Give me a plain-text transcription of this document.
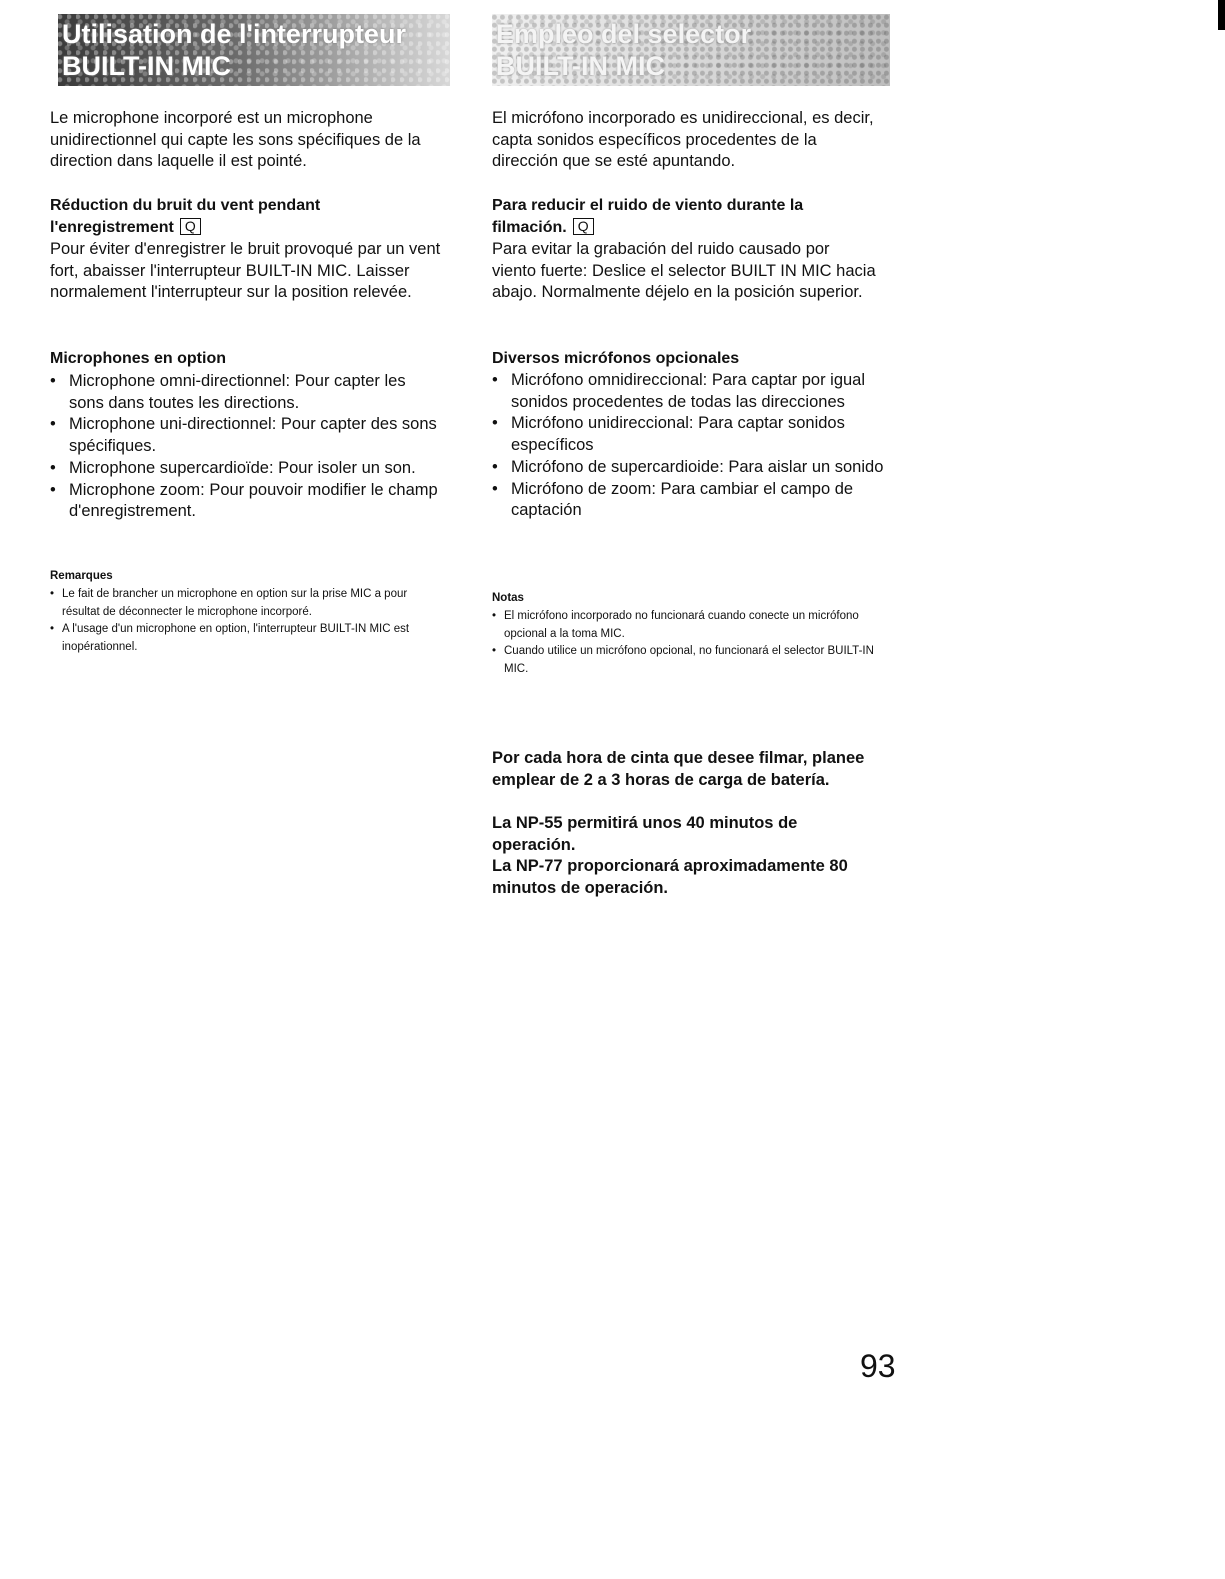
Utilisation de l'interrupteur
BUILT-IN MIC

Le microphone incorporé est un microphone unidirectionnel qui capte les sons spécifiques de la direction dans laquelle il est pointé.

Réduction du bruit du vent pendant l'enregistrement Q

Pour éviter d'enregistrer le bruit provoqué par un vent fort, abaisser l'interrupteur BUILT-IN MIC. Laisser normalement l'interrupteur sur la position relevée.

Microphones en option

• Microphone omni-directionnel: Pour capter les sons dans toutes les directions.
• Microphone uni-directionnel: Pour capter des sons spécifiques.
• Microphone supercardioïde: Pour isoler un son.
• Microphone zoom: Pour pouvoir modifier le champ d'enregistrement.

Remarques

• Le fait de brancher un microphone en option sur la prise MIC a pour résultat de déconnecter le microphone incorporé.
• A l'usage d'un microphone en option, l'interrupteur BUILT-IN MIC est inopérationnel.
Empleo del selector
BUILT-IN MIC

El micrófono incorporado es unidireccional, es decir, capta sonidos específicos procedentes de la dirección que se esté apuntando.

Para reducir el ruido de viento durante la filmación. Q

Para evitar la grabación del ruido causado por viento fuerte: Deslice el selector BUILT IN MIC hacia abajo. Normalmente déjelo en la posición superior.

Diversos micrófonos opcionales

• Micrófono omnidireccional: Para captar por igual sonidos procedentes de todas las direcciones
• Micrófono unidireccional: Para captar sonidos específicos
• Micrófono de supercardioide: Para aislar un sonido
• Micrófono de zoom: Para cambiar el campo de captación

Notas

• El micrófono incorporado no funcionará cuando conecte un micrófono opcional a la toma MIC.
• Cuando utilice un micrófono opcional, no funcionará el selector BUILT-IN MIC.

Por cada hora de cinta que desee filmar, planee emplear de 2 a 3 horas de carga de batería.

La NP-55 permitirá unos 40 minutos de operación.

La NP-77 proporcionará aproximadamente 80 minutos de operación.

93
